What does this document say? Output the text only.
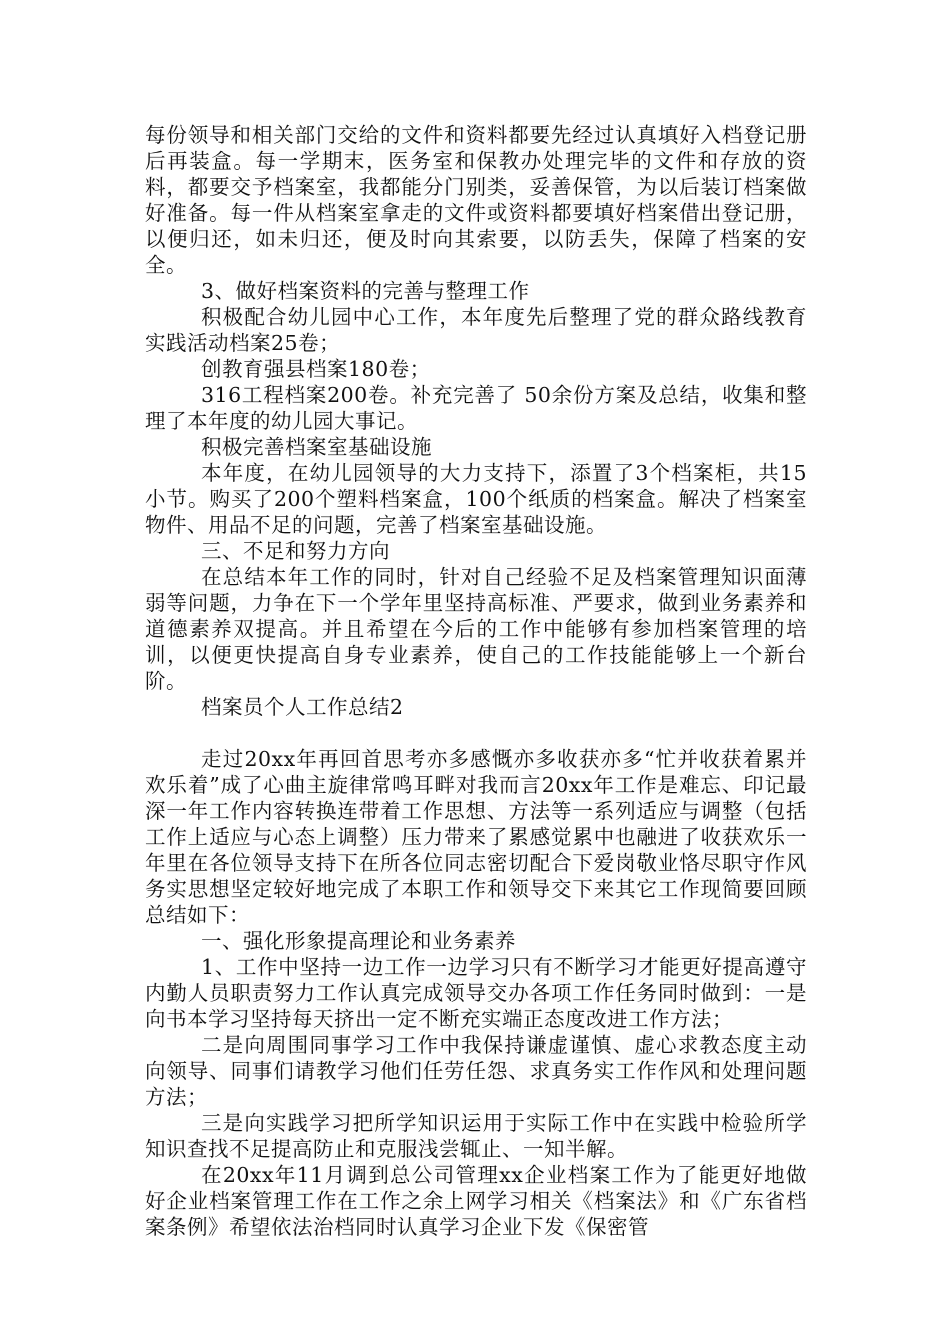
每份领导和相关部门交给的文件和资料都要先经过认真填好入档登记册后再装盒。每一学期末，医务室和保教办处理完毕的文件和存放的资料，都要交予档案室，我都能分门别类，妥善保管，为以后装订档案做好准备。每一件从档案室拿走的文件或资料都要填好档案借出登记册，以便归还，如未归还，便及时向其索要，以防丢失，保障了档案的安全。

3、做好档案资料的完善与整理工作

积极配合幼儿园中心工作，本年度先后整理了党的群众路线教育实践活动档案25卷；

创教育强县档案180卷；

316工程档案200卷。补充完善了 50余份方案及总结，收集和整理了本年度的幼儿园大事记。

积极完善档案室基础设施

本年度，在幼儿园领导的大力支持下，添置了3个档案柜，共15小节。购买了200个塑料档案盒，100个纸质的档案盒。解决了档案室物件、用品不足的问题，完善了档案室基础设施。

三、不足和努力方向

在总结本年工作的同时，针对自己经验不足及档案管理知识面薄弱等问题，力争在下一个学年里坚持高标准、严要求，做到业务素养和道德素养双提高。并且希望在今后的工作中能够有参加档案管理的培训，以便更快提高自身专业素养，使自己的工作技能能够上一个新台阶。

档案员个人工作总结2

走过20xx年再回首思考亦多感慨亦多收获亦多“忙并收获着累并欢乐着”成了心曲主旋律常鸣耳畔对我而言20xx年工作是难忘、印记最深一年工作内容转换连带着工作思想、方法等一系列适应与调整（包括工作上适应与心态上调整）压力带来了累感觉累中也融进了收获欢乐一年里在各位领导支持下在所各位同志密切配合下爱岗敬业恪尽职守作风务实思想坚定较好地完成了本职工作和领导交下来其它工作现简要回顾总结如下：

一、强化形象提高理论和业务素养

1、工作中坚持一边工作一边学习只有不断学习才能更好提高遵守内勤人员职责努力工作认真完成领导交办各项工作任务同时做到：一是向书本学习坚持每天挤出一定不断充实端正态度改进工作方法；

二是向周围同事学习工作中我保持谦虚谨慎、虚心求教态度主动向领导、同事们请教学习他们任劳任怨、求真务实工作作风和处理问题方法；

三是向实践学习把所学知识运用于实际工作中在实践中检验所学知识查找不足提高防止和克服浅尝辄止、一知半解。

在20xx年11月调到总公司管理xx企业档案工作为了能更好地做好企业档案管理工作在工作之余上网学习相关《档案法》和《广东省档案条例》希望依法治档同时认真学习企业下发《保密管
